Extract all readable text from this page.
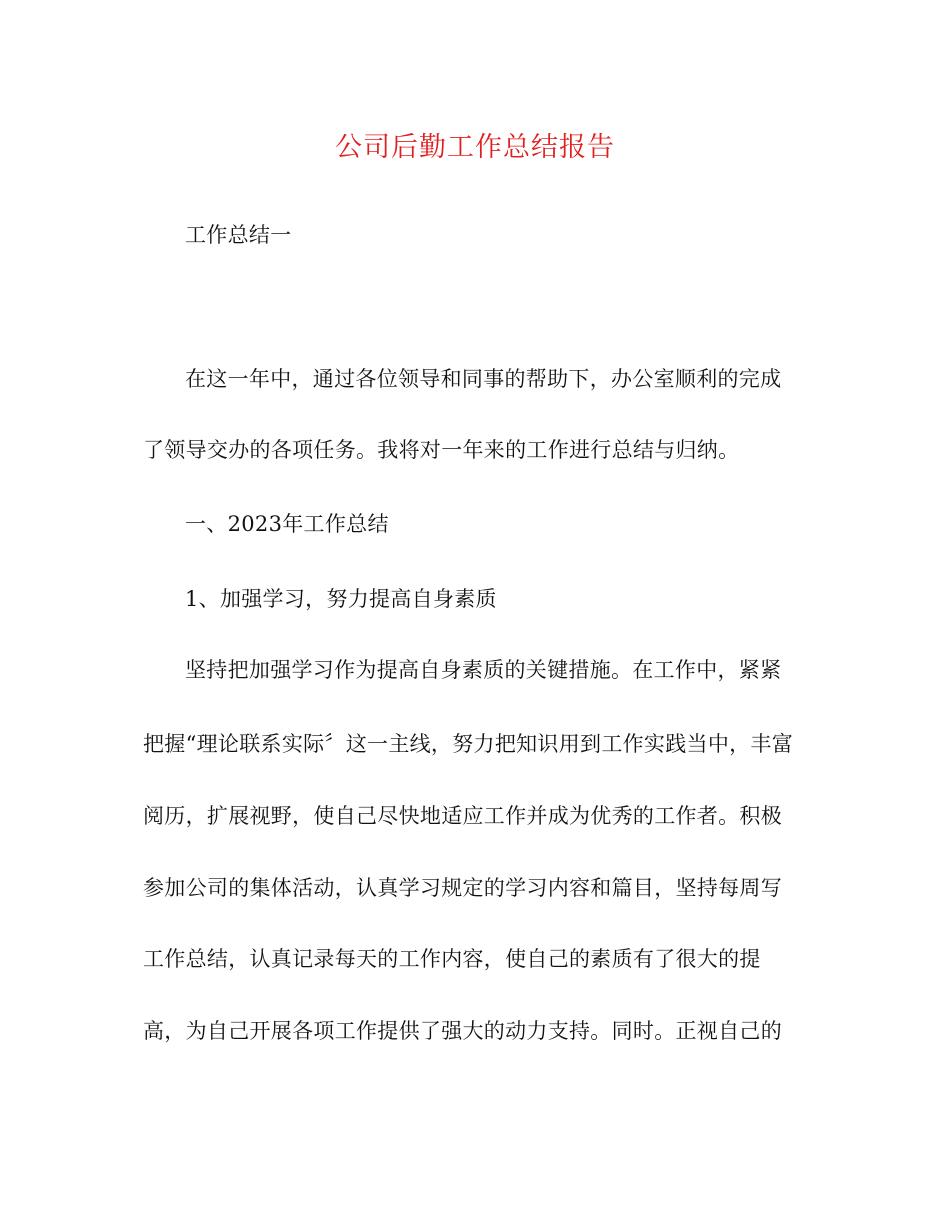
公司后勤工作总结报告
工作总结一
在这一年中，通过各位领导和同事的帮助下，办公室顺利的完成
了领导交办的各项任务。我将对一年来的工作进行总结与归纳。
一、2023年工作总结
1、加强学习，努力提高自身素质
坚持把加强学习作为提高自身素质的关键措施。在工作中，紧紧
把握“理论联系实际〞这一主线，努力把知识用到工作实践当中，丰富
阅历，扩展视野，使自己尽快地适应工作并成为优秀的工作者。积极
参加公司的集体活动，认真学习规定的学习内容和篇目，坚持每周写
工作总结，认真记录每天的工作内容，使自己的素质有了很大的提
高，为自己开展各项工作提供了强大的动力支持。同时。正视自己的
